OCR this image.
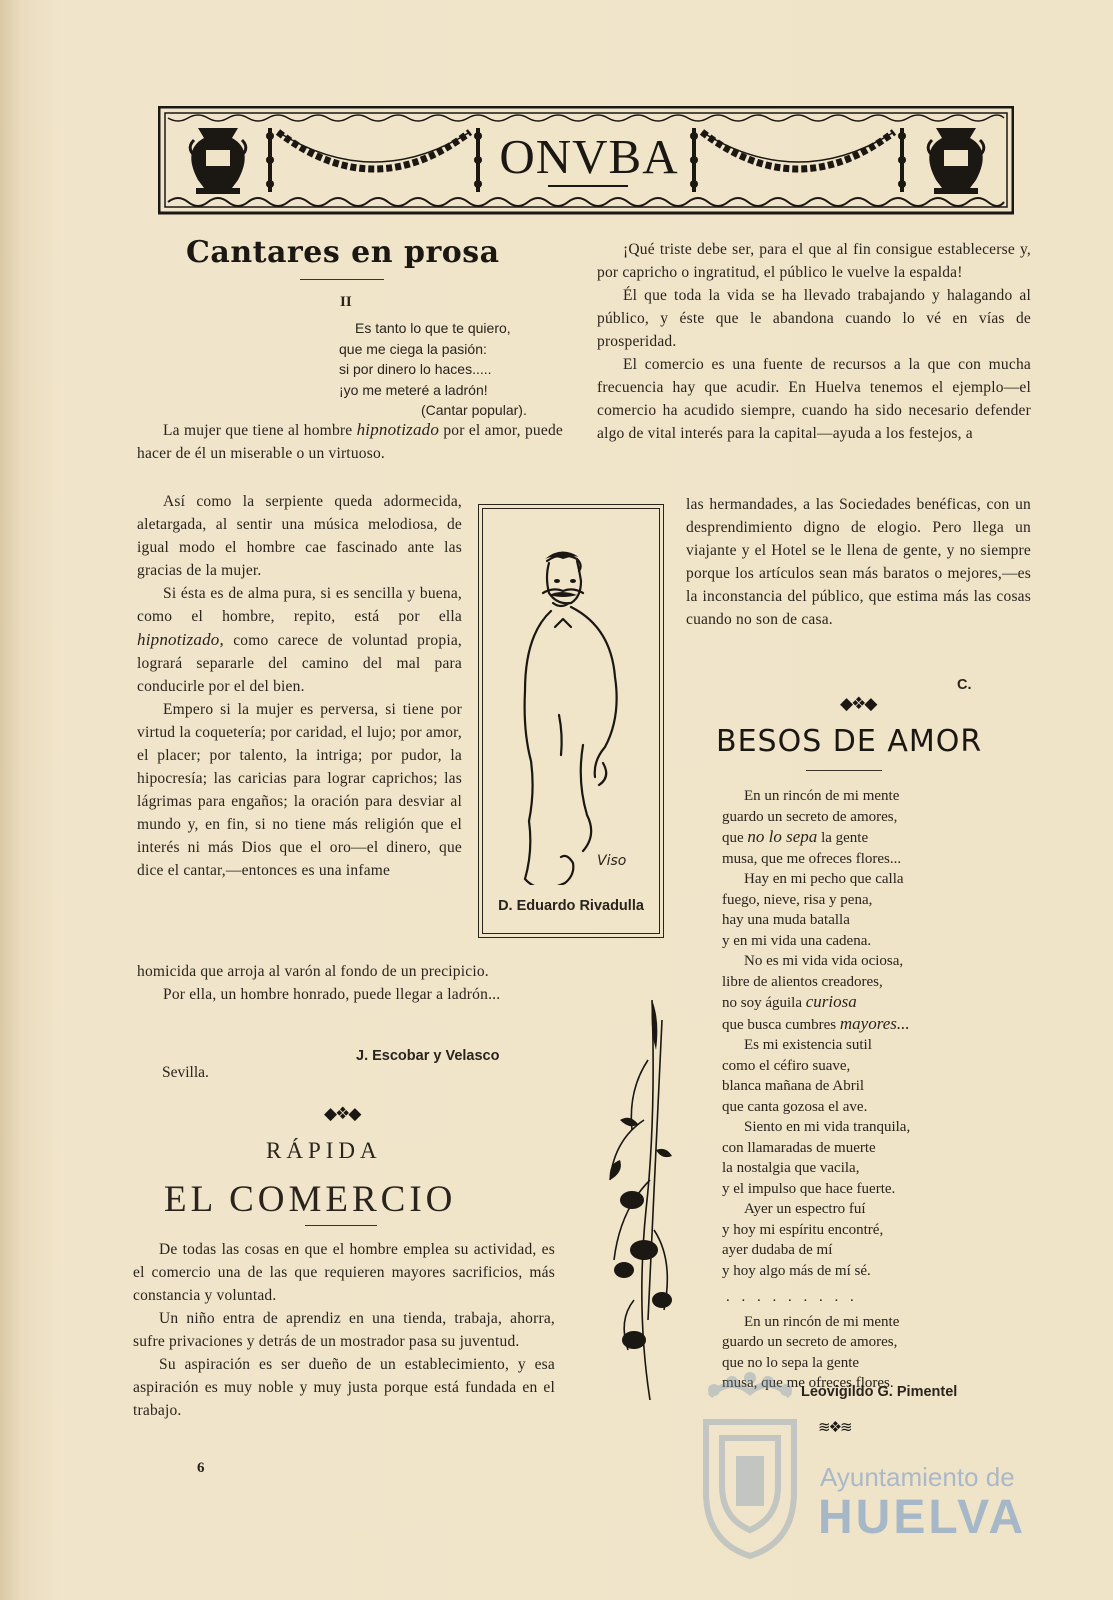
ONVBA
Cantares en prosa
II
Es tanto lo que te quiero,
que me ciega la pasión:
si por dinero lo haces.....
¡yo me meteré a ladrón!
(Cantar popular).

La mujer que tiene al hombre hipnotizado por el amor, puede hacer de él un miserable o un virtuoso.

Así como la serpiente queda adormecida, aletargada, al sentir una música melodiosa, de igual modo el hombre cae fascinado ante las gracias de la mujer.

Si ésta es de alma pura, si es sencilla y buena, como el hombre, repito, está por ella hipnotizado, como carece de voluntad propia, logrará separarle del camino del mal para conducirle por el del bien.

Empero si la mujer es perversa, si tiene por virtud la coquetería; por caridad, el lujo; por amor, el placer; por talento, la intriga; por pudor, la hipocresía; las caricias para lograr caprichos; las lágrimas para engaños; la oración para desviar al mundo y, en fin, si no tiene más religión que el interés ni más Dios que el oro—el dinero, que dice el cantar,—entonces es una infame

homicida que arroja al varón al fondo de un precipicio.

Por ella, un hombre honrado, puede llegar a ladrón...

J. Escobar y Velasco
Sevilla.
Viso
D. Eduardo Rivadulla
◆❖◆
RÁPIDA
EL COMERCIO

De todas las cosas en que el hombre emplea su actividad, es el comercio una de las que requieren mayores sacrificios, más constancia y voluntad.

Un niño entra de aprendiz en una tienda, trabaja, ahorra, sufre privaciones y detrás de un mostrador pasa su juventud.

Su aspiración es ser dueño de un establecimiento, y esa aspiración es muy noble y muy justa porque está fundada en el trabajo.

¡Qué triste debe ser, para el que al fin consigue establecerse y, por capricho o ingratitud, el público le vuelve la espalda!

Él que toda la vida se ha llevado trabajando y halagando al público, y éste que le abandona cuando lo vé en vías de prosperidad.

El comercio es una fuente de recursos a la que con mucha frecuencia hay que acudir. En Huelva tenemos el ejemplo—el comercio ha acudido siempre, cuando ha sido necesario defender algo de vital interés para la capital—ayuda a los festejos, a

las hermandades, a las Sociedades benéficas, con un desprendimiento digno de elogio. Pero llega un viajante y el Hotel se le llena de gente, y no siempre porque los artículos sean más baratos o mejores,—es la inconstancia del público, que estima más las cosas cuando no son de casa.

C.
◆❖◆
BESOS DE AMOR
En un rincón de mi mente
guardo un secreto de amores,
que no lo sepa la gente
musa, que me ofreces flores...
Hay en mi pecho que calla
fuego, nieve, risa y pena,
hay una muda batalla
y en mi vida una cadena.
No es mi vida vida ociosa,
libre de alientos creadores,
no soy águila curiosa
que busca cumbres mayores...
Es mi existencia sutil
como el céfiro suave,
blanca mañana de Abril
que canta gozosa el ave.
Siento en mi vida tranquila,
con llamaradas de muerte
la nostalgia que vacila,
y el impulso que hace fuerte.
Ayer un espectro fuí
y hoy mi espíritu encontré,
ayer dudaba de mí
y hoy algo más de mí sé.
. . . . . . . . .
En un rincón de mi mente
guardo un secreto de amores,
que no lo sepa la gente
musa, que me ofreces flores.
Leovigildo G. Pimentel
≋❖≋
6	Ayuntamiento de
HUELVA
